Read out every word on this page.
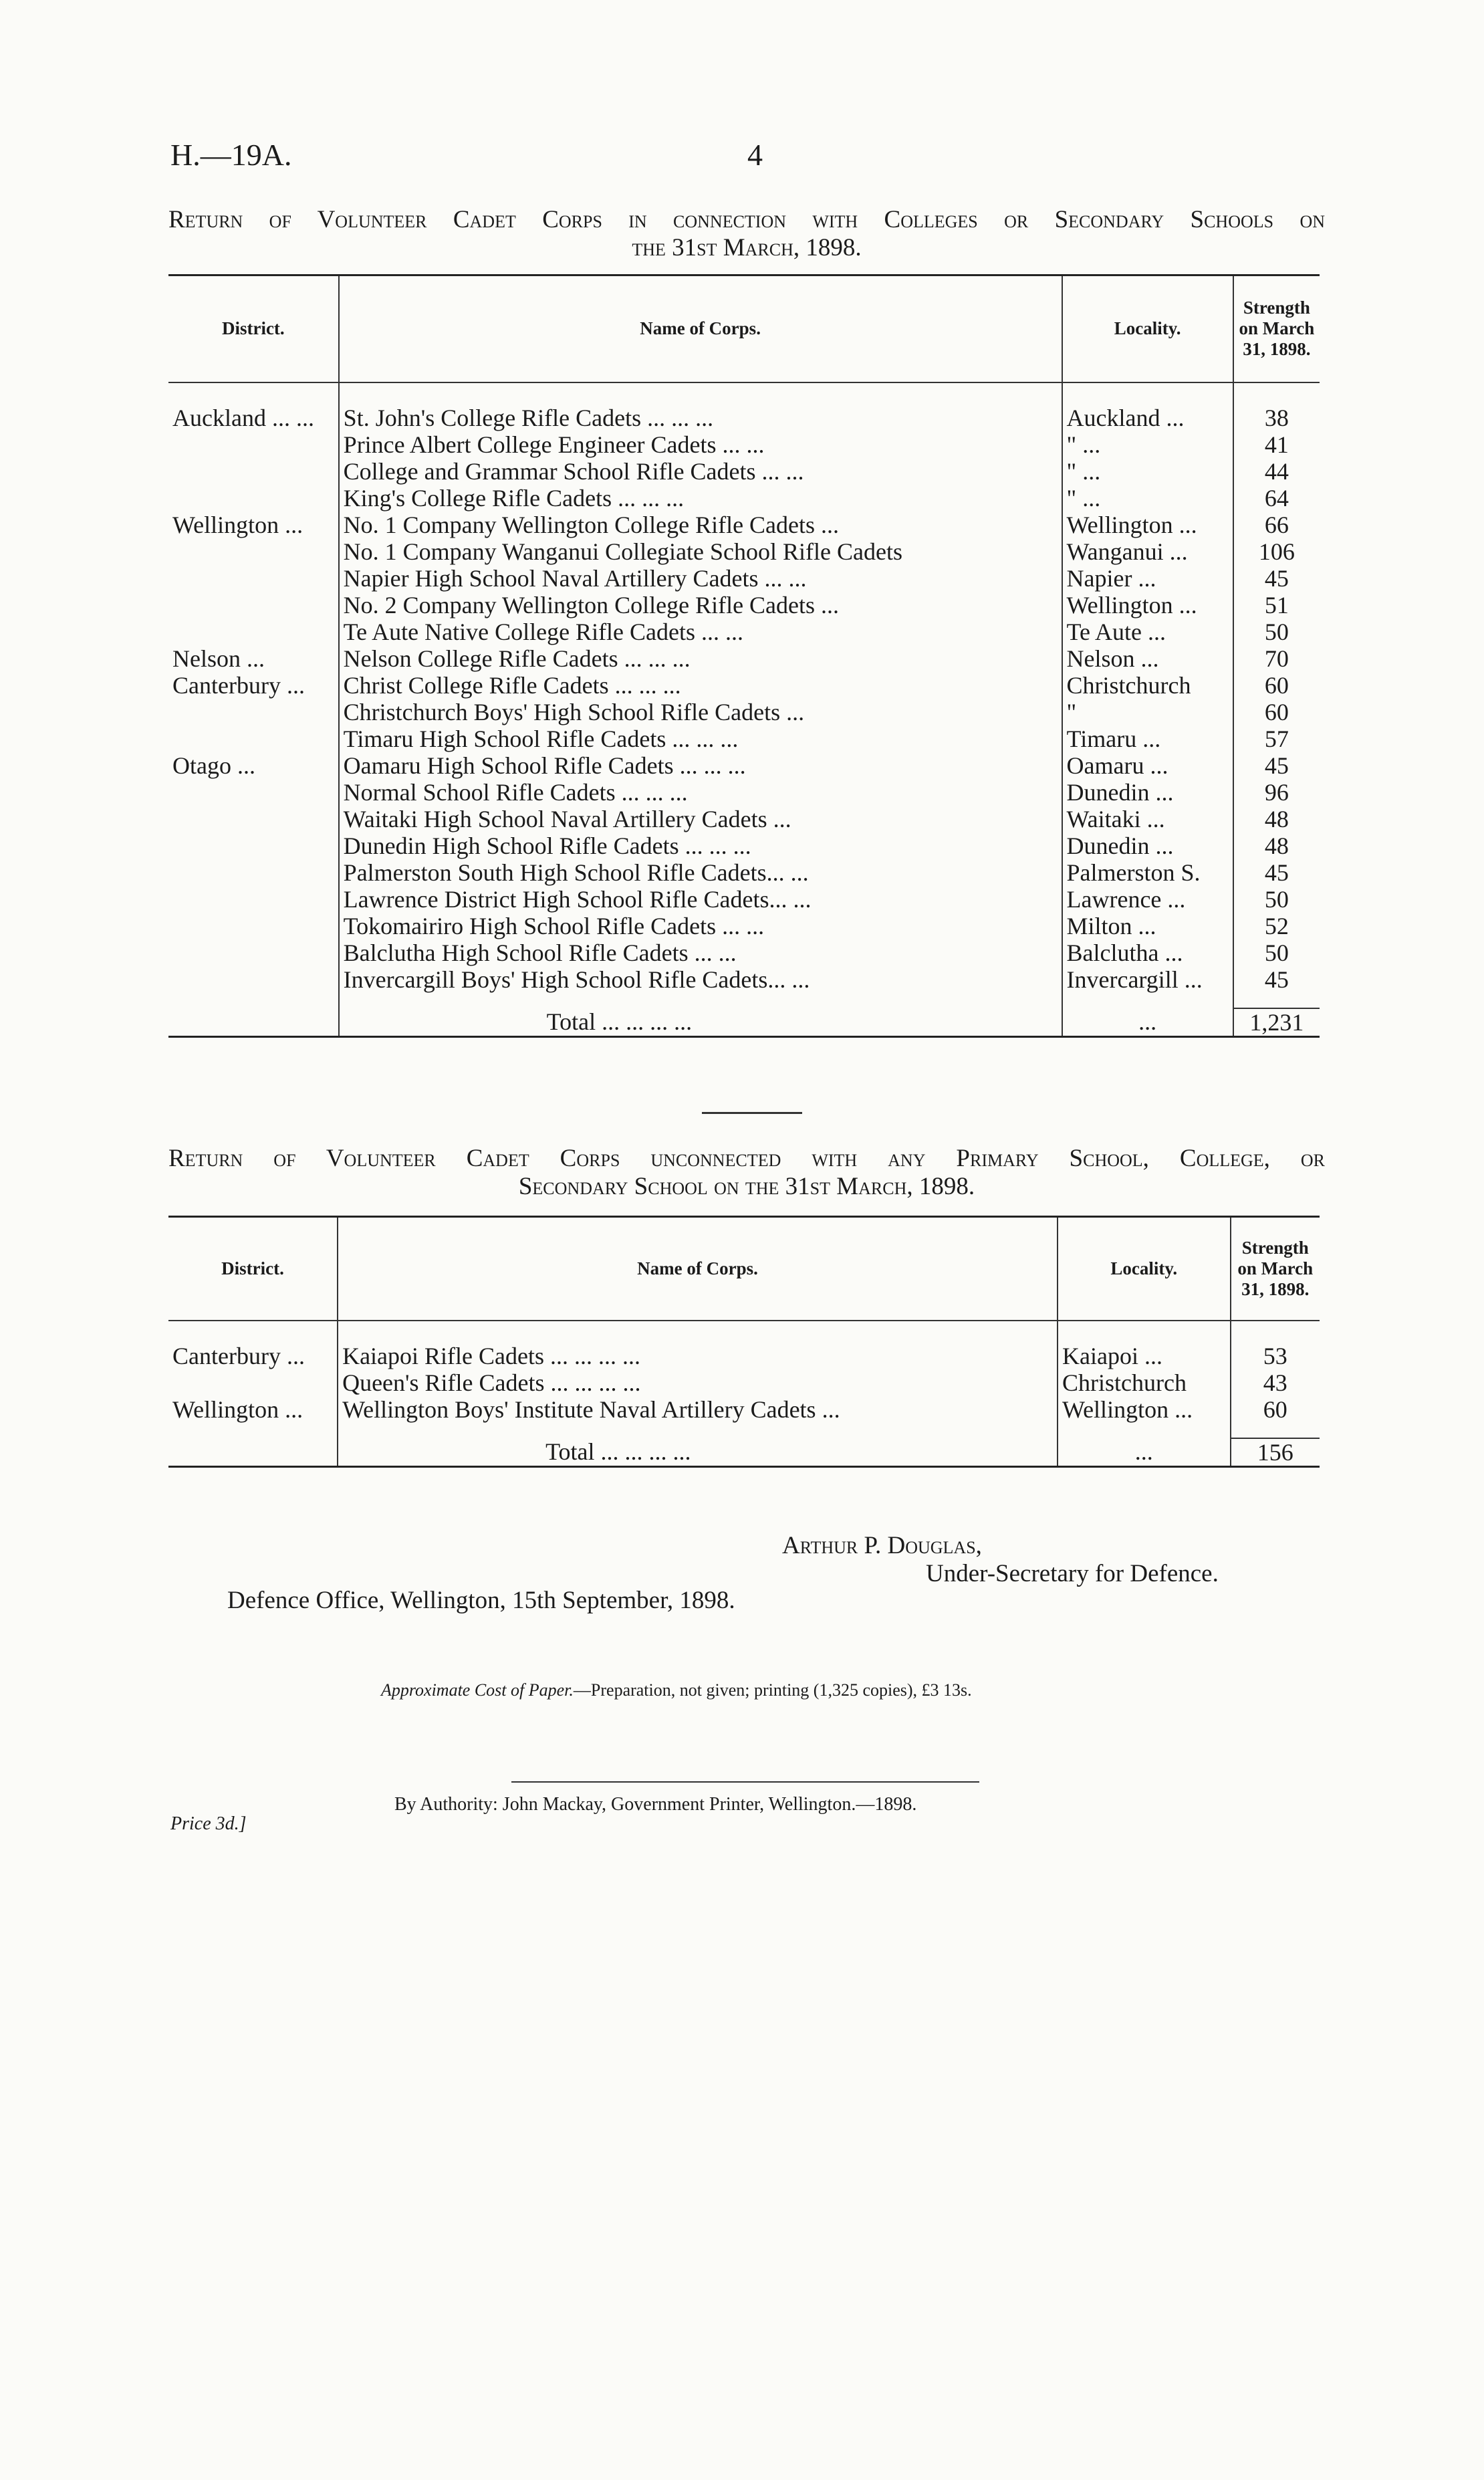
H.—19A.	4
Return of Volunteer Cadet Corps in connection with Colleges or Secondary Schools on
the 31st March, 1898.
District.	Name of Corps.	Locality.	Strength on March 31, 1898.
Auckland ... ...	St. John's College Rifle Cadets ... ... ...	Auckland ...	38
	Prince Albert College Engineer Cadets ... ...	" ...	41
	College and Grammar School Rifle Cadets ... ...	" ...	44
	King's College Rifle Cadets ... ... ...	" ...	64
Wellington ...	No. 1 Company Wellington College Rifle Cadets ...	Wellington ...	66
	No. 1 Company Wanganui Collegiate School Rifle Cadets	Wanganui ...	106
	Napier High School Naval Artillery Cadets ... ...	Napier ...	45
	No. 2 Company Wellington College Rifle Cadets ...	Wellington ...	51
	Te Aute Native College Rifle Cadets ... ...	Te Aute ...	50
Nelson ...	Nelson College Rifle Cadets ... ... ...	Nelson ...	70
Canterbury ...	Christ College Rifle Cadets ... ... ...	Christchurch	60
	Christchurch Boys' High School Rifle Cadets ...	"	60
	Timaru High School Rifle Cadets ... ... ...	Timaru ...	57
Otago ...	Oamaru High School Rifle Cadets ... ... ...	Oamaru ...	45
	Normal School Rifle Cadets ... ... ...	Dunedin ...	96
	Waitaki High School Naval Artillery Cadets ...	Waitaki ...	48
	Dunedin High School Rifle Cadets ... ... ...	Dunedin ...	48
	Palmerston South High School Rifle Cadets... ...	Palmerston S.	45
	Lawrence District High School Rifle Cadets... ...	Lawrence ...	50
	Tokomairiro High School Rifle Cadets ... ...	Milton ...	52
	Balclutha High School Rifle Cadets ... ...	Balclutha ...	50
	Invercargill Boys' High School Rifle Cadets... ...	Invercargill ...	45
	Total ... ... ... ...	...	1,231
Return of Volunteer Cadet Corps unconnected with any Primary School, College, or
Secondary School on the 31st March, 1898.
District.	Name of Corps.	Locality.	Strength on March 31, 1898.
Canterbury ...	Kaiapoi Rifle Cadets ... ... ... ...	Kaiapoi ...	53
	Queen's Rifle Cadets ... ... ... ...	Christchurch	43
Wellington ...	Wellington Boys' Institute Naval Artillery Cadets ...	Wellington ...	60
	Total ... ... ... ...	...	156
Arthur P. Douglas,
Under-Secretary for Defence.
Defence Office, Wellington, 15th September, 1898.
Approximate Cost of Paper.—Preparation, not given; printing (1,325 copies), £3 13s.
By Authority: John Mackay, Government Printer, Wellington.—1898.
Price 3d.]
